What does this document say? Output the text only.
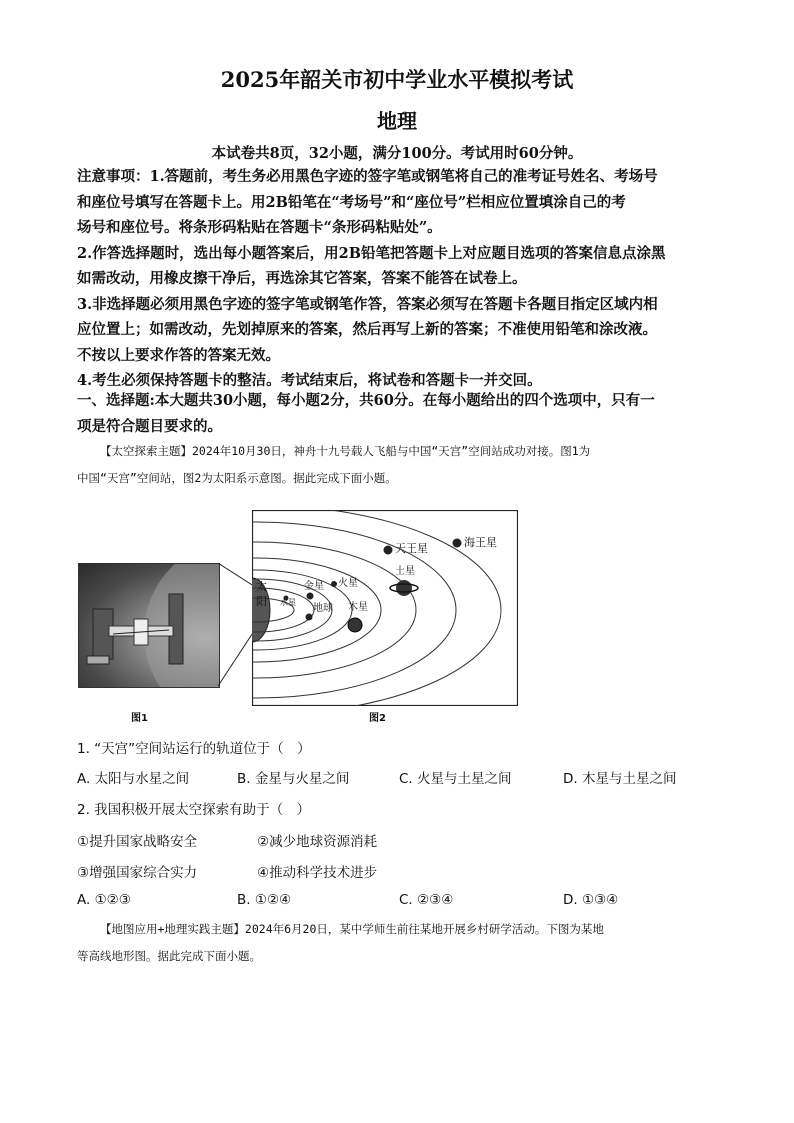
2025年韶关市初中学业水平模拟考试
地理
本试卷共8页，32小题，满分100分。考试用时60分钟。

注意事项：1.答题前，考生务必用黑色字迹的签字笔或钢笔将自己的准考证号姓名、考场号

和座位号填写在答题卡上。用2B铅笔在“考场号”和“座位号”栏相应位置填涂自己的考

场号和座位号。将条形码粘贴在答题卡“条形码粘贴处”。

2.作答选择题时，选出每小题答案后，用2B铅笔把答题卡上对应题目选项的答案信息点涂黑

如需改动，用橡皮擦干净后，再选涂其它答案，答案不能答在试卷上。

3.非选择题必须用黑色字迹的签字笔或钢笔作答，答案必须写在答题卡各题目指定区域内相

应位置上；如需改动，先划掉原来的答案，然后再写上新的答案；不准使用铅笔和涂改液。

不按以上要求作答的答案无效。

4.考生必须保持答题卡的整洁。考试结束后，将试卷和答题卡一并交回。

一、选择题:本大题共30小题，每小题2分，共60分。在每小题给出的四个选项中，只有一

项是符合题目要求的。

【太空探索主题】2024年10月30日，神舟十九号载人飞船与中国“天宫”空间站成功对接。图1为

中国“天宫”空间站，图2为太阳系示意图。据此完成下面小题。

图1
太
阳 水星
金星
地球
火星
木星
土星
天王星	海王星
图2
1. “天宫”空间站运行的轨道位于（　）
A. 太阳与水星之间	B. 金星与火星之间	C. 火星与土星之间	D. 木星与土星之间
2. 我国积极开展太空探索有助于（　）
①提升国家战略安全	②减少地球资源消耗
③增强国家综合实力	④推动科学技术进步
A. ①②③	B. ①②④	C. ②③④	D. ①③④

【地图应用+地理实践主题】2024年6月20日，某中学师生前往某地开展乡村研学活动。下图为某地

等高线地形图。据此完成下面小题。
